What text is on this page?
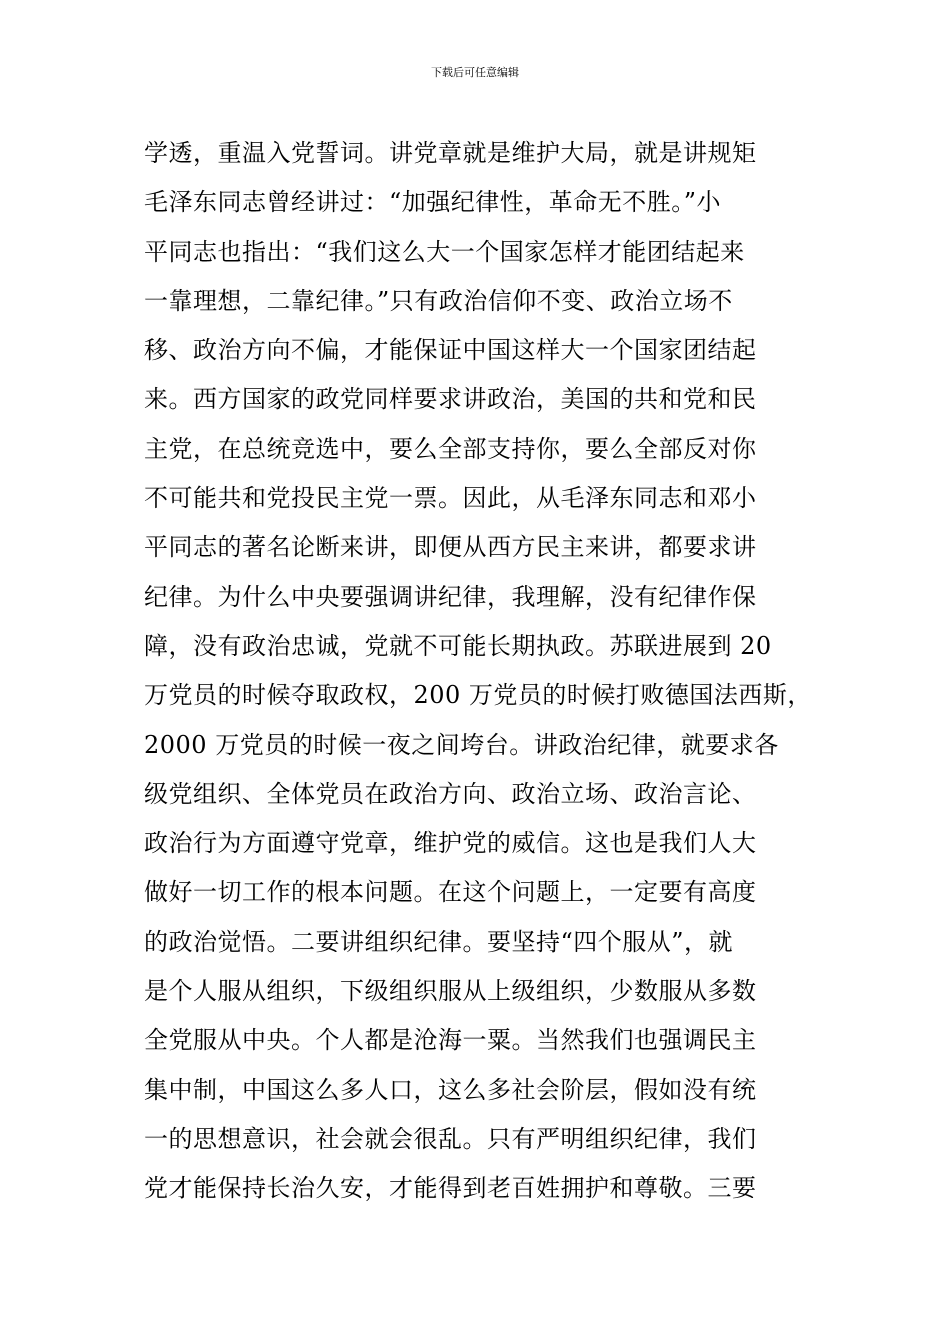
下载后可任意编辑
学透，重温入党誓词。讲党章就是维护大局，就是讲规矩
毛泽东同志曾经讲过：“加强纪律性，革命无不胜。”小
平同志也指出：“我们这么大一个国家怎样才能团结起来
一靠理想，二靠纪律。”只有政治信仰不变、政治立场不
移、政治方向不偏，才能保证中国这样大一个国家团结起
来。西方国家的政党同样要求讲政治，美国的共和党和民
主党，在总统竞选中，要么全部支持你，要么全部反对你
不可能共和党投民主党一票。因此，从毛泽东同志和邓小
平同志的著名论断来讲，即便从西方民主来讲，都要求讲
纪律。为什么中央要强调讲纪律，我理解，没有纪律作保
障，没有政治忠诚，党就不可能长期执政。苏联进展到 20
万党员的时候夺取政权，200 万党员的时候打败德国法西斯，
2000 万党员的时候一夜之间垮台。讲政治纪律，就要求各
级党组织、全体党员在政治方向、政治立场、政治言论、
政治行为方面遵守党章，维护党的威信。这也是我们人大
做好一切工作的根本问题。在这个问题上，一定要有高度
的政治觉悟。二要讲组织纪律。要坚持“四个服从”，就
是个人服从组织，下级组织服从上级组织，少数服从多数
全党服从中央。个人都是沧海一粟。当然我们也强调民主
集中制，中国这么多人口，这么多社会阶层，假如没有统
一的思想意识，社会就会很乱。只有严明组织纪律，我们
党才能保持长治久安，才能得到老百姓拥护和尊敬。三要
